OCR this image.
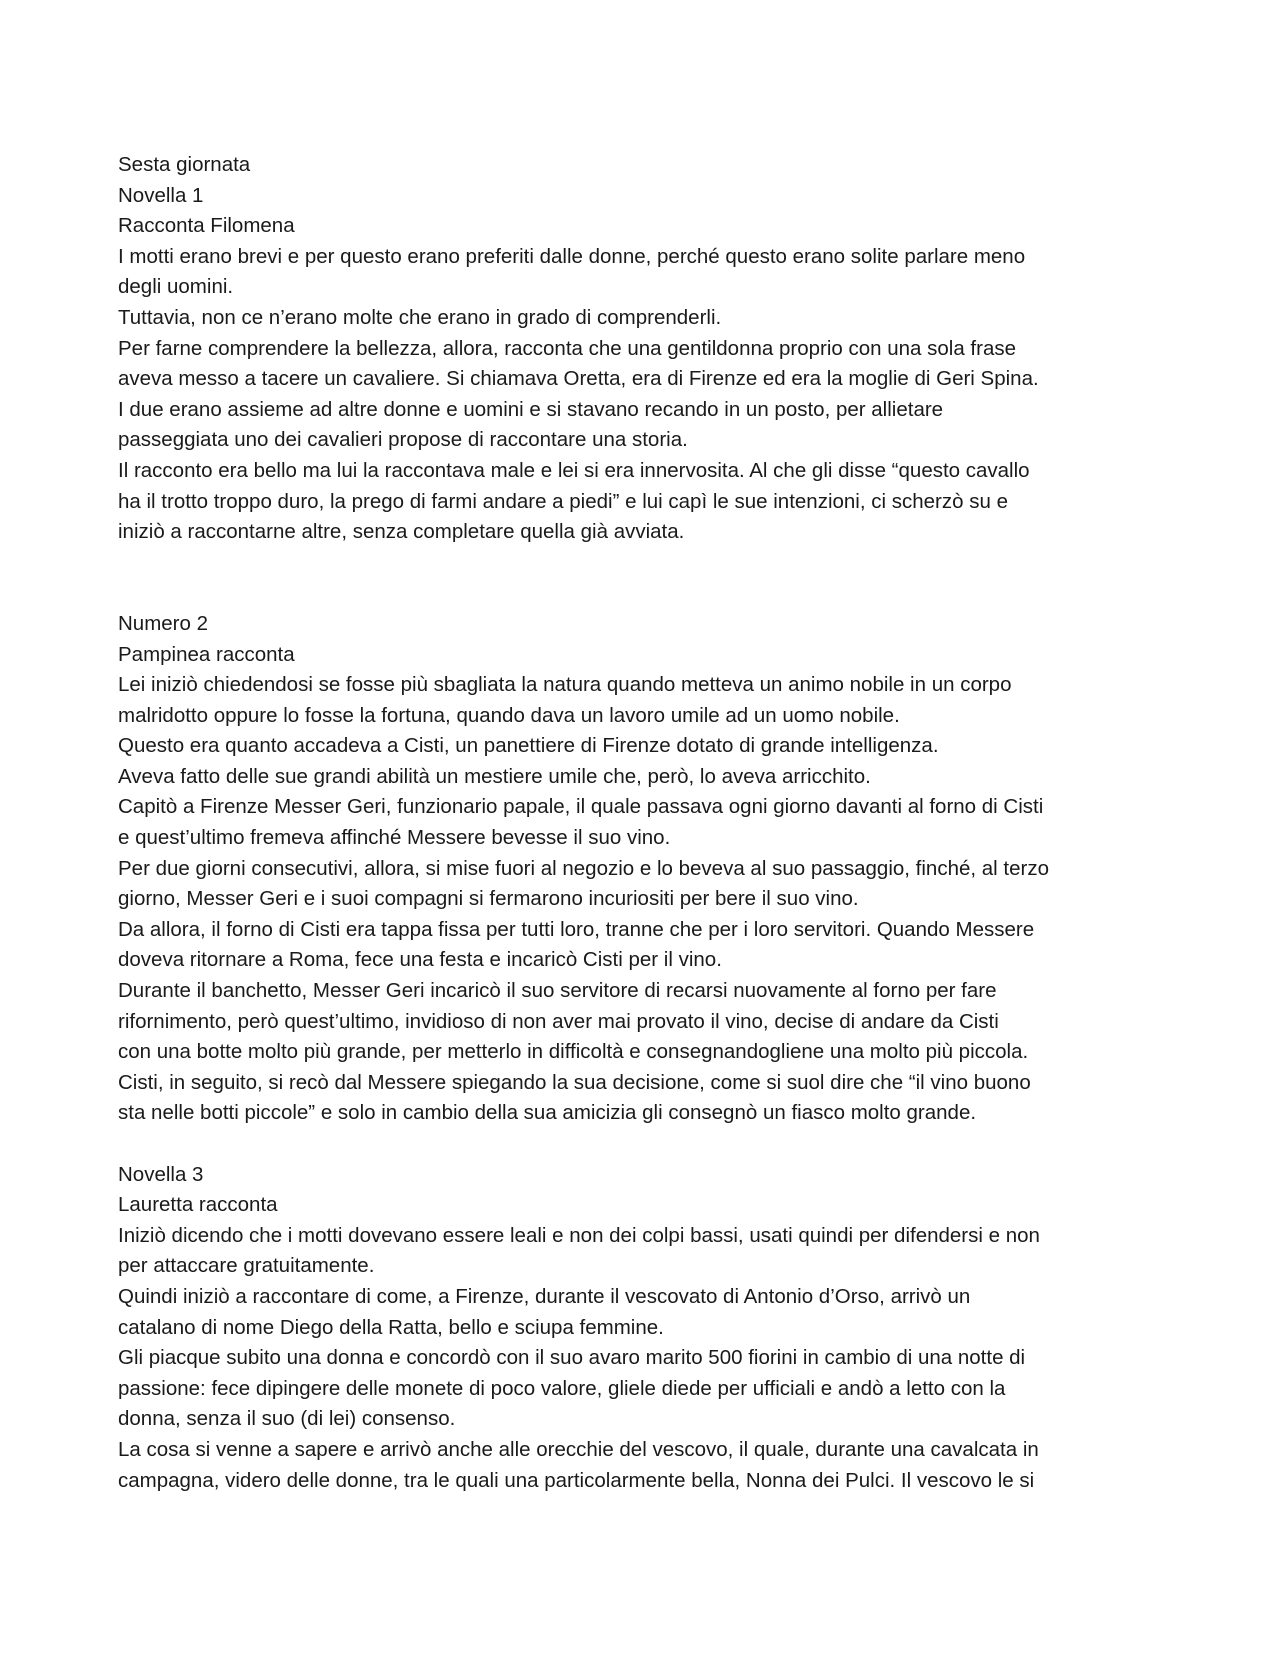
Sesta giornata
Novella 1
Racconta Filomena
I motti erano brevi e per questo erano preferiti dalle donne, perché questo erano solite parlare meno
degli uomini.
Tuttavia, non ce n’erano molte che erano in grado di comprenderli.
Per farne comprendere la bellezza, allora, racconta che una gentildonna proprio con una sola frase
aveva messo a tacere un cavaliere. Si chiamava Oretta, era di Firenze ed era la moglie di Geri Spina.
I due erano assieme ad altre donne e uomini e si stavano recando in un posto, per allietare
passeggiata uno dei cavalieri propose di raccontare una storia.
Il racconto era bello ma lui la raccontava male e lei si era innervosita. Al che gli disse “questo cavallo
ha il trotto troppo duro, la prego di farmi andare a piedi” e lui capì le sue intenzioni, ci scherzò su e
iniziò a raccontarne altre, senza completare quella già avviata.
Numero 2
Pampinea racconta
Lei iniziò chiedendosi se fosse più sbagliata la natura quando metteva un animo nobile in un corpo
malridotto oppure lo fosse la fortuna, quando dava un lavoro umile ad un uomo nobile.
Questo era quanto accadeva a Cisti, un panettiere di Firenze dotato di grande intelligenza.
Aveva fatto delle sue grandi abilità un mestiere umile che, però, lo aveva arricchito.
Capitò a Firenze Messer Geri, funzionario papale, il quale passava ogni giorno davanti al forno di Cisti
e quest’ultimo fremeva affinché Messere bevesse il suo vino.
Per due giorni consecutivi, allora, si mise fuori al negozio e lo beveva al suo passaggio, finché, al terzo
giorno, Messer Geri e i suoi compagni si fermarono incuriositi per bere il suo vino.
Da allora, il forno di Cisti era tappa fissa per tutti loro, tranne che per i loro servitori. Quando Messere
doveva ritornare a Roma, fece una festa e incaricò Cisti per il vino.
Durante il banchetto, Messer Geri incaricò il suo servitore di recarsi nuovamente al forno per fare
rifornimento, però quest’ultimo, invidioso di non aver mai provato il vino, decise di andare da Cisti
con una botte molto più grande, per metterlo in difficoltà e consegnandogliene una molto più piccola.
Cisti, in seguito, si recò dal Messere spiegando la sua decisione, come si suol dire che “il vino buono
sta nelle botti piccole” e solo in cambio della sua amicizia gli consegnò un fiasco molto grande.
Novella 3
Lauretta racconta
Iniziò dicendo che i motti dovevano essere leali e non dei colpi bassi, usati quindi per difendersi e non
per attaccare gratuitamente.
Quindi iniziò a raccontare di come, a Firenze, durante il vescovato di Antonio d’Orso, arrivò un
catalano di nome Diego della Ratta, bello e sciupa femmine.
Gli piacque subito una donna e concordò con il suo avaro marito 500 fiorini in cambio di una notte di
passione: fece dipingere delle monete di poco valore, gliele diede per ufficiali e andò a letto con la
donna, senza il suo (di lei) consenso.
La cosa si venne a sapere e arrivò anche alle orecchie del vescovo, il quale, durante una cavalcata in
campagna, videro delle donne, tra le quali una particolarmente bella, Nonna dei Pulci. Il vescovo le si
